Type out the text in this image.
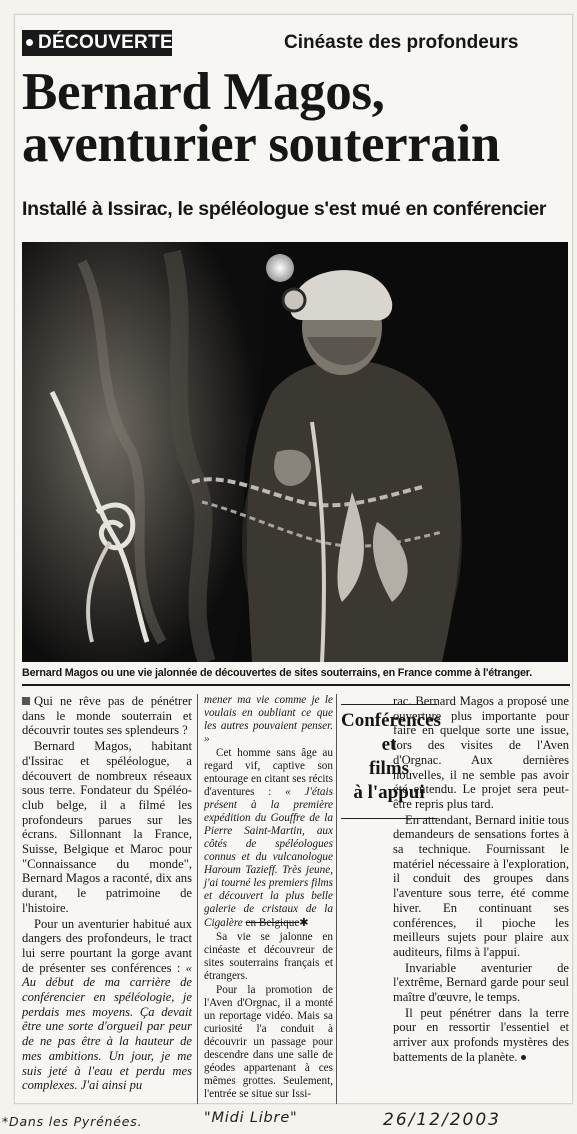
DÉCOUVERTE	Cinéaste des profondeurs
Bernard Magos,
aventurier souterrain
Installé à Issirac, le spéléologue s'est mué en conférencier
Bernard Magos ou une vie jalonnée de découvertes de sites souterrains, en France comme à l'étranger.

Qui ne rêve pas de pénétrer dans le monde souterrain et découvrir toutes ses splendeurs ?

Bernard Magos, habitant d'Issirac et spéléologue, a découvert de nombreux réseaux sous terre. Fondateur du Spéléo-club belge, il a filmé les profondeurs parues sur les écrans. Sillonnant la France, Suisse, Belgique et Maroc pour "Connaissance du monde", Bernard Magos a raconté, dix ans durant, le patrimoine de l'histoire.

Pour un aventurier habitué aux dangers des profondeurs, le tract lui serre pourtant la gorge avant de présenter ses conférences : « Au début de ma carrière de conférencier en spéléologie, je perdais mes moyens. Ça devait être une sorte d'orgueil par peur de ne pas être à la hauteur de mes ambitions. Un jour, je me suis jeté à l'eau et perdu mes complexes. J'ai ainsi pu

mener ma vie comme je le voulais en oubliant ce que les autres pouvaient penser. »

Cet homme sans âge au regard vif, captive son entourage en citant ses récits d'aventures : « J'étais présent à la première expédition du Gouffre de la Pierre Saint-Martin, aux côtés de spéléologues connus et du vulcanologue Haroum Tazieff. Très jeune, j'ai tourné les premiers films et découvert la plus belle galerie de cristaux de la Cigalère en Belgique✱

Sa vie se jalonne en cinéaste et découvreur de sites souterrains français et étrangers.

Pour la promotion de l'Aven d'Orgnac, il a monté un reportage vidéo. Mais sa curiosité l'a conduit à découvrir un passage pour descendre dans une salle de géodes appartenant à ces mêmes grottes. Seulement, l'entrée se situe sur Issi-

Conférences
et
films
à l'appui

rac. Bernard Magos a proposé une ouverture plus importante pour faire en quelque sorte une issue, lors des visites de l'Aven d'Orgnac. Aux dernières nouvelles, il ne semble pas avoir été entendu. Le projet sera peut-être repris plus tard.

En attendant, Bernard initie tous demandeurs de sensations fortes à sa technique. Fournissant le matériel nécessaire à l'exploration, il conduit des groupes dans l'aventure sous terre, été comme hiver. En continuant ses conférences, il pioche les meilleurs sujets pour plaire aux auditeurs, films à l'appui.

Invariable aventurier de l'extrême, Bernard garde pour seul maître d'œuvre, le temps.

Il peut pénétrer dans la terre pour en ressortir l'essentiel et arriver aux profonds mystères des battements de la planète.

*Dans les Pyrénées.	"Midi Libre"	26/12/2003
